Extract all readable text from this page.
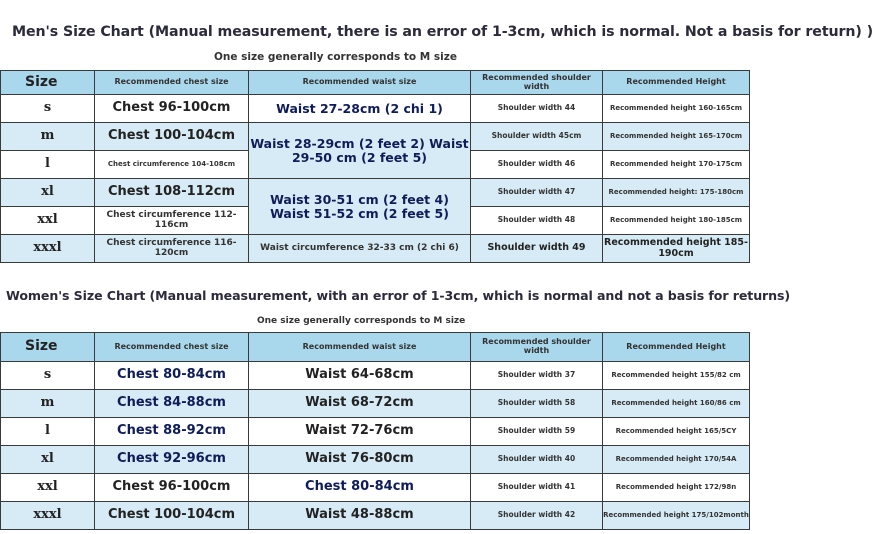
Men's Size Chart (Manual measurement, there is an error of 1-3cm, which is normal. Not a basis for return) )
One size generally corresponds to M size
Size	Recommended chest size	Recommended waist size	Recommended shoulder width	Recommended Height
s	Chest 96-100cm	Waist 27-28cm (2 chi 1)	Shoulder width 44	Recommended height 160-165cm
m	Chest 100-104cm	Waist 28-29cm (2 feet 2) Waist 29-50 cm (2 feet 5)	Shoulder width 45cm	Recommended height 165-170cm
l	Chest circumference 104-108cm		Shoulder width 46	Recommended height 170-175cm
xl	Chest 108-112cm	Waist 30-51 cm (2 feet 4) Waist 51-52 cm (2 feet 5)	Shoulder width 47	Recommended height: 175-180cm
xxl	Chest circumference 112-116cm		Shoulder width 48	Recommended height 180-185cm
xxxl	Chest circumference 116-120cm	Waist circumference 32-33 cm (2 chi 6)	Shoulder width 49	Recommended height 185-190cm
Women's Size Chart (Manual measurement, with an error of 1-3cm, which is normal and not a basis for returns)
One size generally corresponds to M size
Size	Recommended chest size	Recommended waist size	Recommended shoulder width	Recommended Height
s	Chest 80-84cm	Waist 64-68cm	Shoulder width 37	Recommended height 155/82 cm
m	Chest 84-88cm	Waist 68-72cm	Shoulder width 58	Recommended height 160/86 cm
l	Chest 88-92cm	Waist 72-76cm	Shoulder width 59	Recommended height 165/5CY
xl	Chest 92-96cm	Waist 76-80cm	Shoulder width 40	Recommended height 170/54A
xxl	Chest 96-100cm	Chest 80-84cm	Shoulder width 41	Recommended height 172/98n
xxxl	Chest 100-104cm	Waist 48-88cm	Shoulder width 42	Recommended height 175/102month
